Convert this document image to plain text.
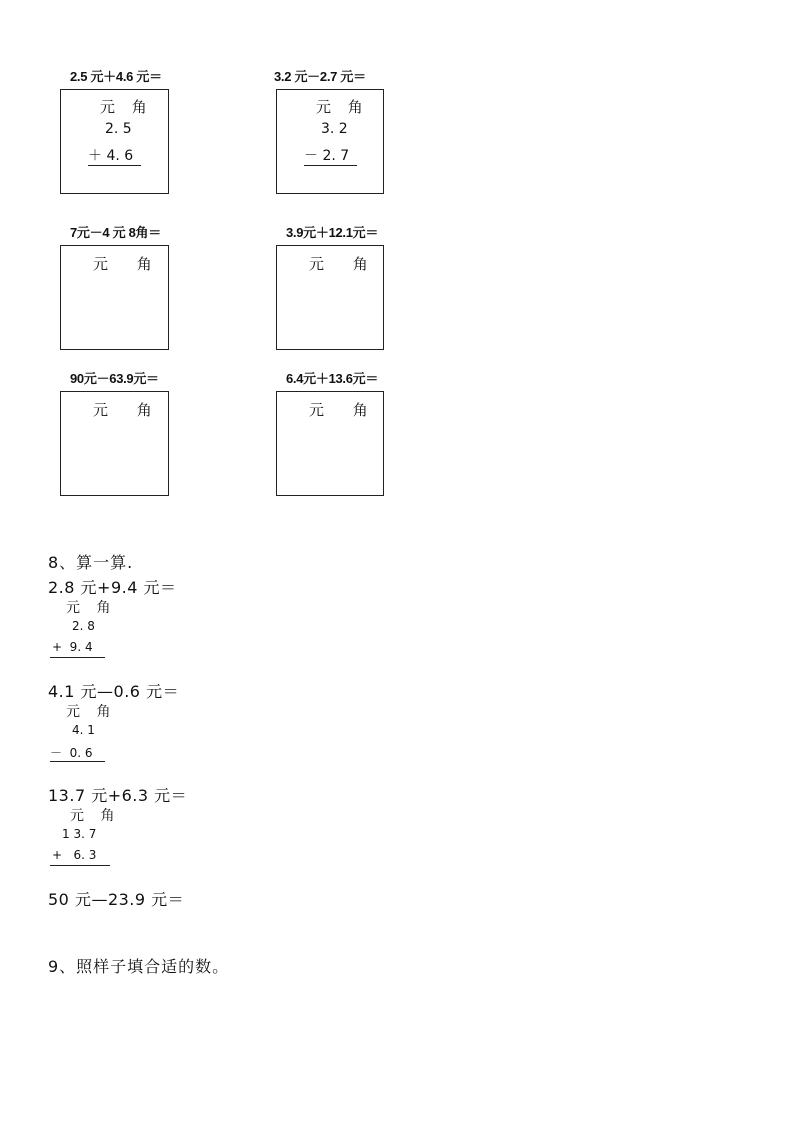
2.5 元＋4.6 元＝
元 角
2. 5
＋ 4. 6
3.2 元－2.7 元＝
元 角
3. 2
－ 2. 7
7元－4 元 8角＝
元 角
3.9元＋12.1元＝
元 角
90元－63.9元＝
元 角
6.4元＋13.6元＝
元 角
8、算一算.
2.8 元+9.4 元＝
元 角
2. 8
+  9. 4
4.1 元—0.6 元＝
元 角
4. 1
－  0. 6
13.7 元+6.3 元＝
元 角
1 3. 7
+   6. 3
50 元—23.9 元＝
9、照样子填合适的数。
